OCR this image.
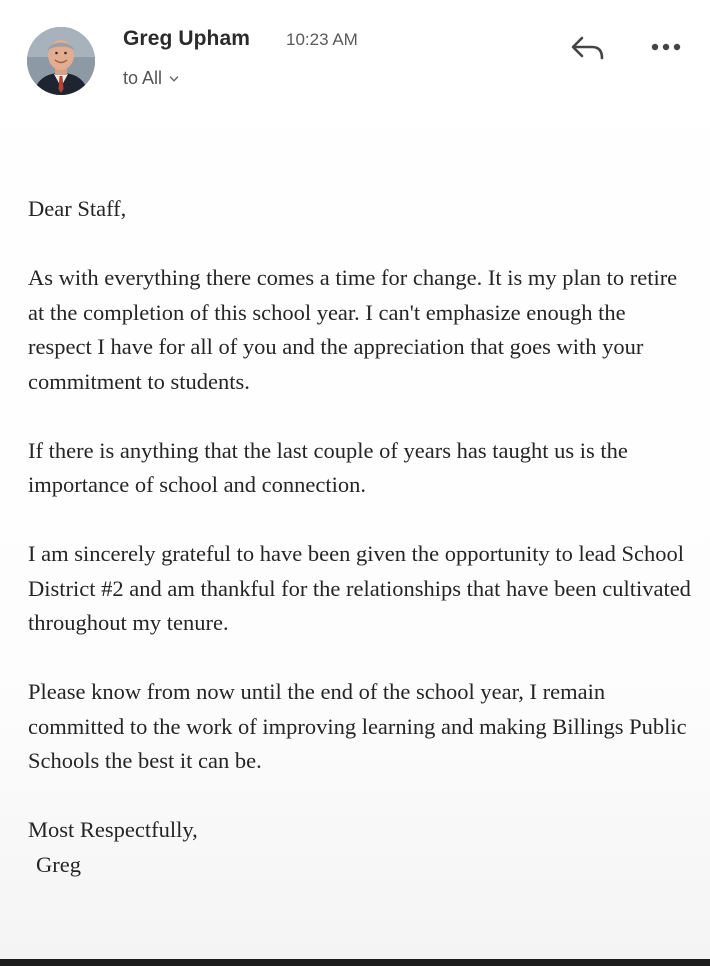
Greg Upham 10:23 AM
to All

Dear Staff,

As with everything there comes a time for change. It is my plan to retire at the completion of this school year. I can't emphasize enough the respect I have for all of you and the appreciation that goes with your commitment to students.

If there is anything that the last couple of years has taught us is the importance of school and connection.

I am sincerely grateful to have been given the opportunity to lead School District #2 and am thankful for the relationships that have been cultivated throughout my tenure.

Please know from now until the end of the school year, I remain committed to the work of improving learning and making Billings Public Schools the best it can be.

Most Respectfully,

Greg
